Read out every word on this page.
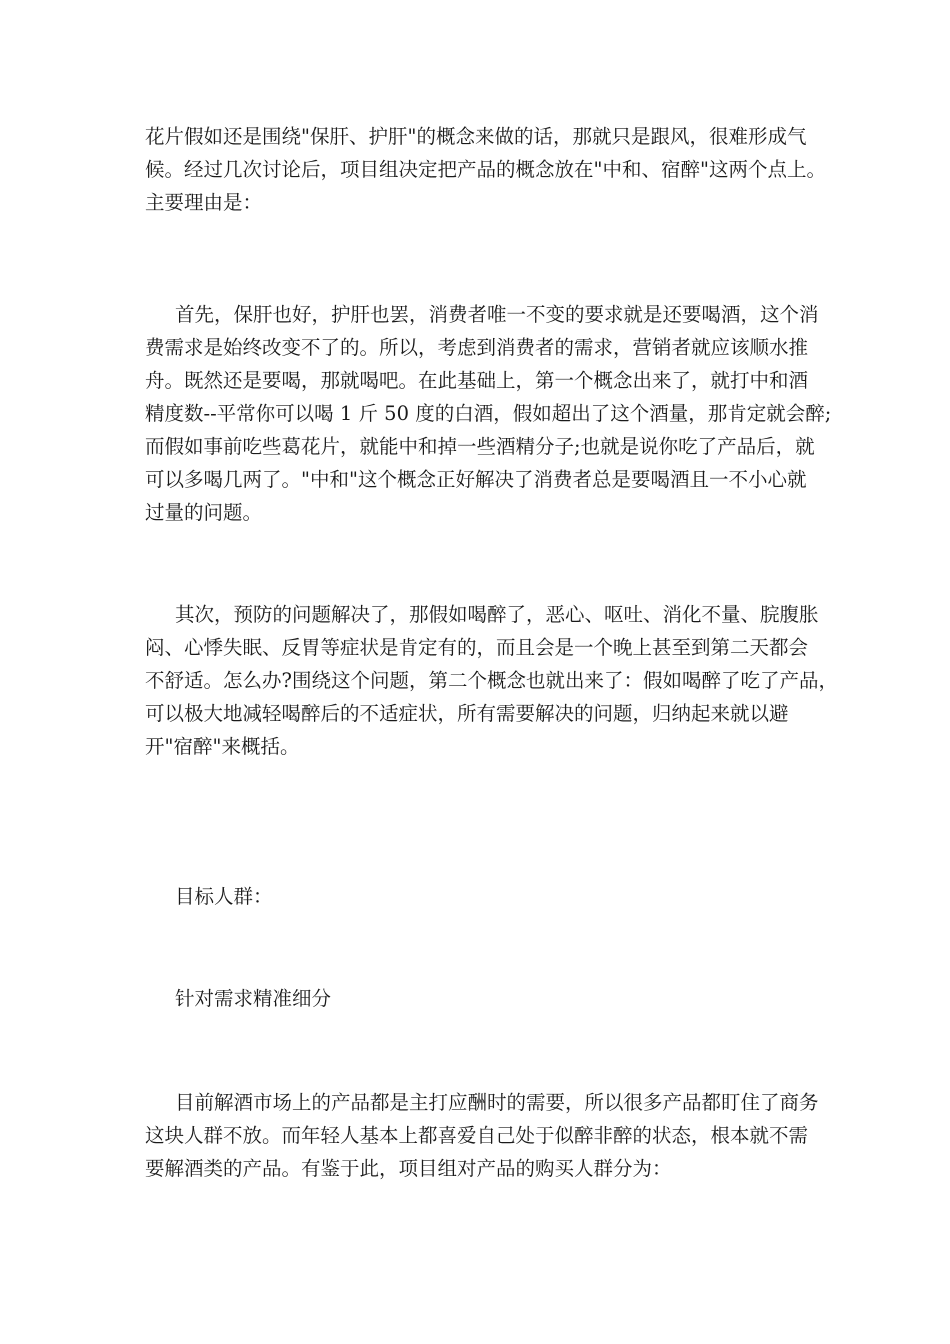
花片假如还是围绕"保肝、护肝"的概念来做的话，那就只是跟风，很难形成气
候。经过几次讨论后，项目组决定把产品的概念放在"中和、宿醉"这两个点上。
主要理由是：
首先，保肝也好，护肝也罢，消费者唯一不变的要求就是还要喝酒，这个消
费需求是始终改变不了的。所以，考虑到消费者的需求，营销者就应该顺水推
舟。既然还是要喝，那就喝吧。在此基础上，第一个概念出来了，就打中和酒
精度数--平常你可以喝 1 斤 50 度的白酒，假如超出了这个酒量，那肯定就会醉;
而假如事前吃些葛花片，就能中和掉一些酒精分子;也就是说你吃了产品后，就
可以多喝几两了。"中和"这个概念正好解决了消费者总是要喝酒且一不小心就
过量的问题。
其次，预防的问题解决了，那假如喝醉了，恶心、呕吐、消化不量、脘腹胀
闷、心悸失眠、反胃等症状是肯定有的，而且会是一个晚上甚至到第二天都会
不舒适。怎么办?围绕这个问题，第二个概念也就出来了：假如喝醉了吃了产品，
可以极大地减轻喝醉后的不适症状，所有需要解决的问题，归纳起来就以避
开"宿醉"来概括。
目标人群：
针对需求精准细分
目前解酒市场上的产品都是主打应酬时的需要，所以很多产品都盯住了商务
这块人群不放。而年轻人基本上都喜爱自己处于似醉非醉的状态，根本就不需
要解酒类的产品。有鉴于此，项目组对产品的购买人群分为：
